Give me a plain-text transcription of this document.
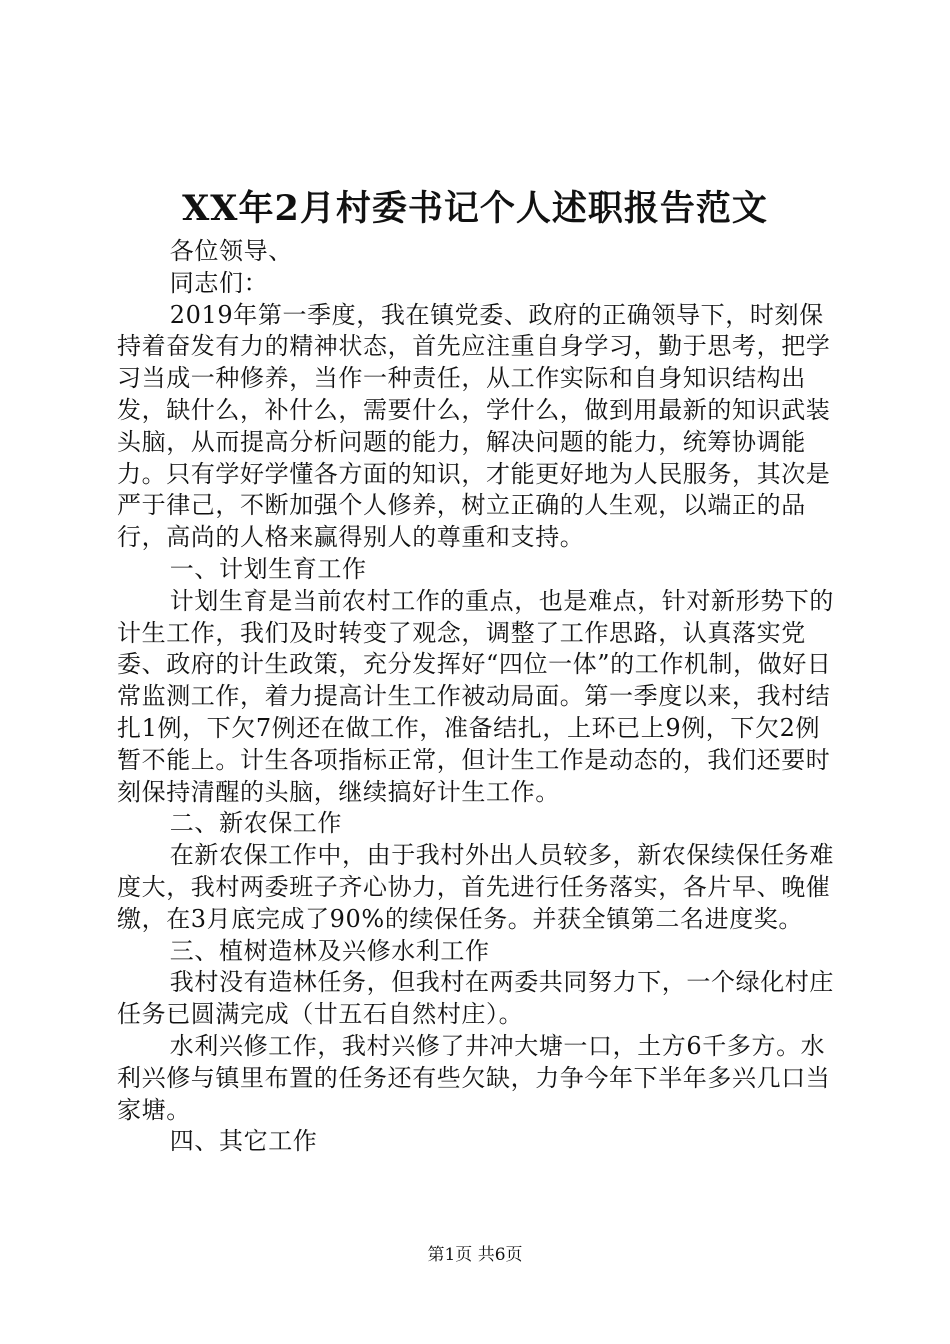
XX年2月村委书记个人述职报告范文

各位领导、

同志们：

2019年第一季度，我在镇党委、政府的正确领导下，时刻保持着奋发有力的精神状态，首先应注重自身学习，勤于思考，把学习当成一种修养，当作一种责任，从工作实际和自身知识结构出发，缺什么，补什么，需要什么，学什么，做到用最新的知识武装头脑，从而提高分析问题的能力，解决问题的能力，统筹协调能力。只有学好学懂各方面的知识，才能更好地为人民服务，其次是严于律己，不断加强个人修养，树立正确的人生观，以端正的品行，高尚的人格来赢得别人的尊重和支持。

一、计划生育工作

计划生育是当前农村工作的重点，也是难点，针对新形势下的计生工作，我们及时转变了观念，调整了工作思路，认真落实党委、政府的计生政策，充分发挥好“四位一体”的工作机制，做好日常监测工作，着力提高计生工作被动局面。第一季度以来，我村结扎1例，下欠7例还在做工作，准备结扎，上环已上9例，下欠2例暂不能上。计生各项指标正常，但计生工作是动态的，我们还要时刻保持清醒的头脑，继续搞好计生工作。

二、新农保工作

在新农保工作中，由于我村外出人员较多，新农保续保任务难度大，我村两委班子齐心协力，首先进行任务落实，各片早、晚催缴，在3月底完成了90%的续保任务。并获全镇第二名进度奖。

三、植树造林及兴修水利工作

我村没有造林任务，但我村在两委共同努力下，一个绿化村庄任务已圆满完成（廿五石自然村庄）。

水利兴修工作，我村兴修了井冲大塘一口，土方6千多方。水利兴修与镇里布置的任务还有些欠缺，力争今年下半年多兴几口当家塘。

四、其它工作

第1页 共6页
